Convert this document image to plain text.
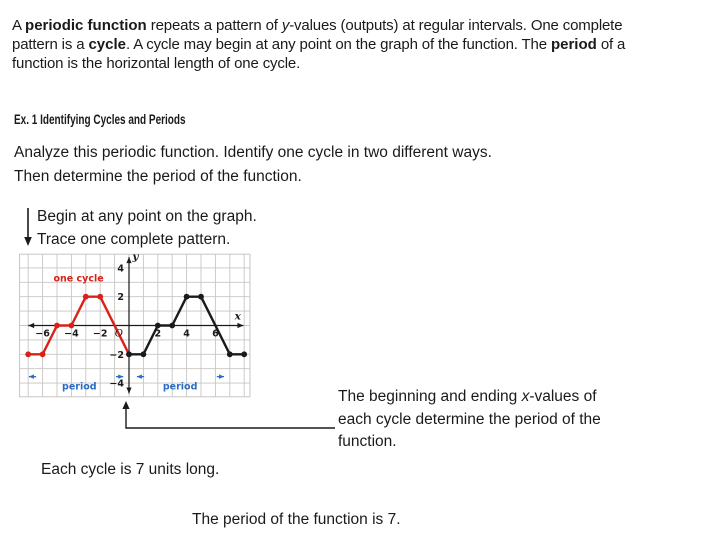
A periodic function repeats a pattern of y-values (outputs) at regular intervals. One complete
pattern is a cycle. A cycle may begin at any point on the graph of the function. The period of a
function is the horizontal length of one cycle.
Ex. 1 Identifying Cycles and Periods
Analyze this periodic function. Identify one cycle in two different ways.
Then determine the period of the function.
Begin at any point on the graph.
Trace one complete pattern.
−6 −4 −2	2 4 6
4
2
−2
−4
O
x
y
one cycle
period	period
The beginning and ending x-values of
each cycle determine the period of the
function.
Each cycle is 7 units long.
The period of the function is 7.
